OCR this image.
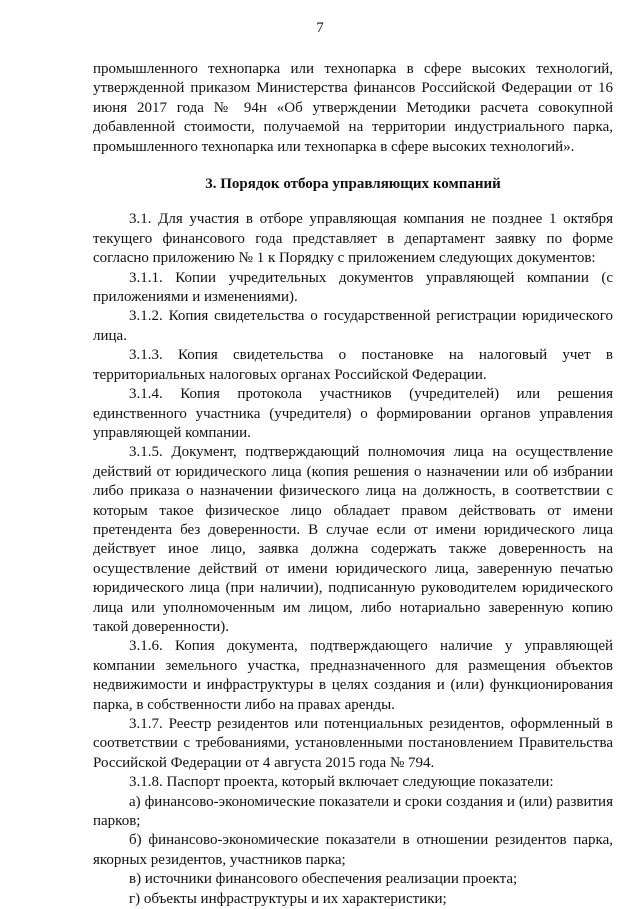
7

промышленного технопарка или технопарка в сфере высоких технологий, утвержденной приказом Министерства финансов Российской Федерации от 16 июня 2017 года № 94н «Об утверждении Методики расчета совокупной добавленной стоимости, получаемой на территории индустриального парка, промышленного технопарка или технопарка в сфере высоких технологий».

3. Порядок отбора управляющих компаний

3.1. Для участия в отборе управляющая компания не позднее 1 октября текущего финансового года представляет в департамент заявку по форме согласно приложению № 1 к Порядку с приложением следующих документов:

3.1.1. Копии учредительных документов управляющей компании (с приложениями и изменениями).

3.1.2. Копия свидетельства о государственной регистрации юридического лица.

3.1.3. Копия свидетельства о постановке на налоговый учет в территориальных налоговых органах Российской Федерации.

3.1.4. Копия протокола участников (учредителей) или решения единственного участника (учредителя) о формировании органов управления управляющей компании.

3.1.5. Документ, подтверждающий полномочия лица на осуществление действий от юридического лица (копия решения о назначении или об избрании либо приказа о назначении физического лица на должность, в соответствии с которым такое физическое лицо обладает правом действовать от имени претендента без доверенности. В случае если от имени юридического лица действует иное лицо, заявка должна содержать также доверенность на осуществление действий от имени юридического лица, заверенную печатью юридического лица (при наличии), подписанную руководителем юридического лица или уполномоченным им лицом, либо нотариально заверенную копию такой доверенности).

3.1.6. Копия документа, подтверждающего наличие у управляющей компании земельного участка, предназначенного для размещения объектов недвижимости и инфраструктуры в целях создания и (или) функционирования парка, в собственности либо на правах аренды.

3.1.7. Реестр резидентов или потенциальных резидентов, оформленный в соответствии с требованиями, установленными постановлением Правительства Российской Федерации от 4 августа 2015 года № 794.

3.1.8. Паспорт проекта, который включает следующие показатели:

а) финансово-экономические показатели и сроки создания и (или) развития парков;

б) финансово-экономические показатели в отношении резидентов парка, якорных резидентов, участников парка;

в) источники финансового обеспечения реализации проекта;

г) объекты инфраструктуры и их характеристики;
